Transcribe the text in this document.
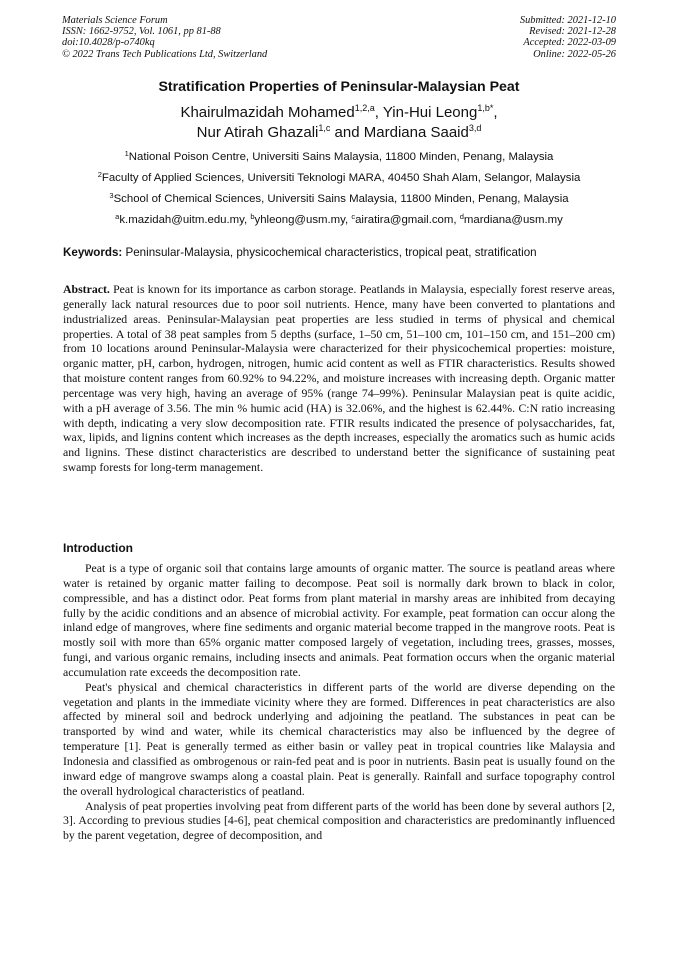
Materials Science Forum
ISSN: 1662-9752, Vol. 1061, pp 81-88
doi:10.4028/p-o740kq
© 2022 Trans Tech Publications Ltd, Switzerland
Submitted: 2021-12-10
Revised: 2021-12-28
Accepted: 2022-03-09
Online: 2022-05-26
Stratification Properties of Peninsular-Malaysian Peat
Khairulmazidah Mohamed$^{1,2,a}$, Yin-Hui Leong$^{1,b*}$,
Nur Atirah Ghazali$^{1,c}$ and Mardiana Saaid$^{3,d}$
$^1$National Poison Centre, Universiti Sains Malaysia, 11800 Minden, Penang, Malaysia
$^2$Faculty of Applied Sciences, Universiti Teknologi MARA, 40450 Shah Alam, Selangor, Malaysia
$^3$School of Chemical Sciences, Universiti Sains Malaysia, 11800 Minden, Penang, Malaysia
$^a$k.mazidah@uitm.edu.my, $^b$yhleong@usm.my, $^c$airatira@gmail.com, $^d$mardiana@usm.my
Keywords: Peninsular-Malaysia, physicochemical characteristics, tropical peat, stratification

Abstract. Peat is known for its importance as carbon storage. Peatlands in Malaysia, especially forest reserve areas, generally lack natural resources due to poor soil nutrients. Hence, many have been converted to plantations and industrialized areas. Peninsular-Malaysian peat properties are less studied in terms of physical and chemical properties. A total of 38 peat samples from 5 depths (surface, 1–50 cm, 51–100 cm, 101–150 cm, and 151–200 cm) from 10 locations around Peninsular-Malaysia were characterized for their physicochemical properties: moisture, organic matter, pH, carbon, hydrogen, nitrogen, humic acid content as well as FTIR characteristics. Results showed that moisture content ranges from 60.92% to 94.22%, and moisture increases with increasing depth. Organic matter percentage was very high, having an average of 95% (range 74–99%). Peninsular Malaysian peat is quite acidic, with a pH average of 3.56. The min % humic acid (HA) is 32.06%, and the highest is 62.44%. C:N ratio increasing with depth, indicating a very slow decomposition rate. FTIR results indicated the presence of polysaccharides, fat, wax, lipids, and lignins content which increases as the depth increases, especially the aromatics such as humic acids and lignins. These distinct characteristics are described to understand better the significance of sustaining peat swamp forests for long-term management.

Introduction

Peat is a type of organic soil that contains large amounts of organic matter. The source is peatland areas where water is retained by organic matter failing to decompose. Peat soil is normally dark brown to black in color, compressible, and has a distinct odor. Peat forms from plant material in marshy areas are inhibited from decaying fully by the acidic conditions and an absence of microbial activity. For example, peat formation can occur along the inland edge of mangroves, where fine sediments and organic material become trapped in the mangrove roots. Peat is mostly soil with more than 65% organic matter composed largely of vegetation, including trees, grasses, mosses, fungi, and various organic remains, including insects and animals. Peat formation occurs when the organic material accumulation rate exceeds the decomposition rate.

Peat's physical and chemical characteristics in different parts of the world are diverse depending on the vegetation and plants in the immediate vicinity where they are formed. Differences in peat characteristics are also affected by mineral soil and bedrock underlying and adjoining the peatland. The substances in peat can be transported by wind and water, while its chemical characteristics may also be influenced by the degree of temperature [1]. Peat is generally termed as either basin or valley peat in tropical countries like Malaysia and Indonesia and classified as ombrogenous or rain-fed peat and is poor in nutrients. Basin peat is usually found on the inward edge of mangrove swamps along a coastal plain. Peat is generally. Rainfall and surface topography control the overall hydrological characteristics of peatland.

Analysis of peat properties involving peat from different parts of the world has been done by several authors [2, 3]. According to previous studies [4-6], peat chemical composition and characteristics are predominantly influenced by the parent vegetation, degree of decomposition, and
